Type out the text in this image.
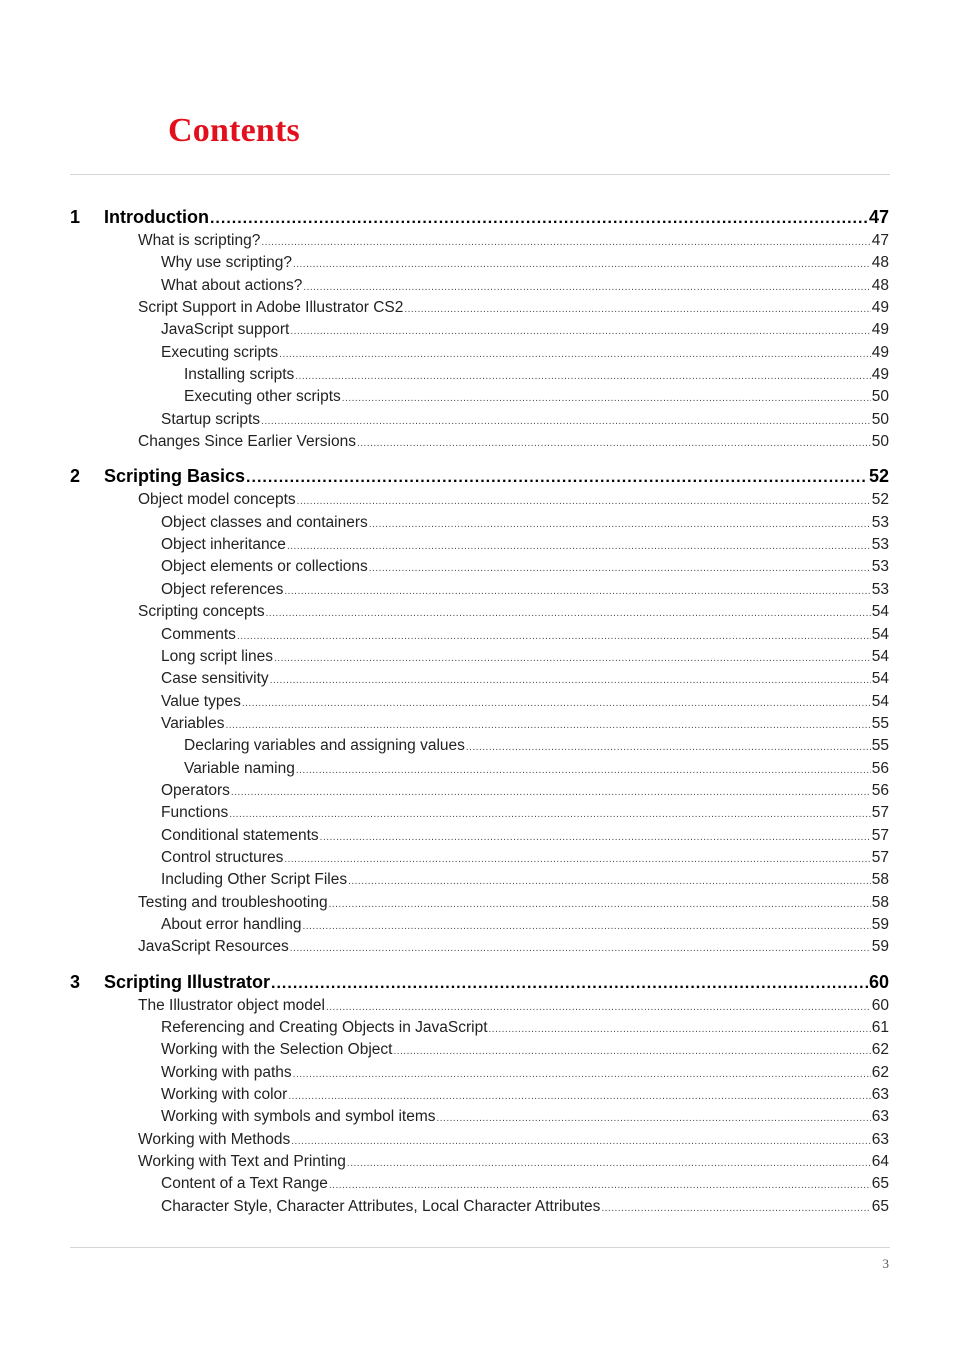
Contents
1 Introduction .....	47
What is scripting? .....	47
Why use scripting? .....	48
What about actions? .....	48
Script Support in Adobe Illustrator CS2 .....	49
JavaScript support .....	49
Executing scripts .....	49
Installing scripts .....	49
Executing other scripts .....	50
Startup scripts .....	50
Changes Since Earlier Versions .....	50
2 Scripting Basics .....	52
Object model concepts .....	52
Object classes and containers .....	53
Object inheritance .....	53
Object elements or collections .....	53
Object references .....	53
Scripting concepts .....	54
Comments .....	54
Long script lines .....	54
Case sensitivity .....	54
Value types .....	54
Variables .....	55
Declaring variables and assigning values .....	55
Variable naming .....	56
Operators .....	56
Functions .....	57
Conditional statements .....	57
Control structures .....	57
Including Other Script Files .....	58
Testing and troubleshooting .....	58
About error handling .....	59
JavaScript Resources .....	59
3 Scripting Illustrator .....	60
The Illustrator object model .....	60
Referencing and Creating Objects in JavaScript .....	61
Working with the Selection Object .....	62
Working with paths .....	62
Working with color .....	63
Working with symbols and symbol items .....	63
Working with Methods .....	63
Working with Text and Printing .....	64
Content of a Text Range .....	65
Character Style, Character Attributes, Local Character Attributes .....	65
3
